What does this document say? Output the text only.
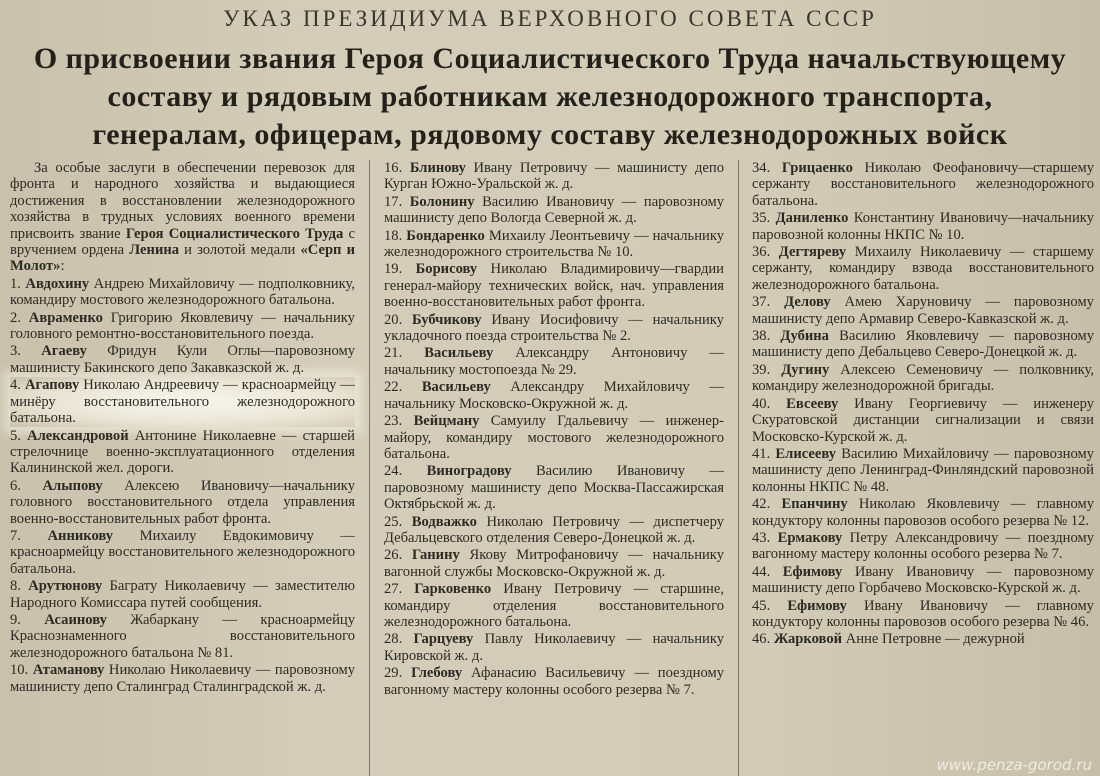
УКАЗ ПРЕЗИДИУМА ВЕРХОВНОГО СОВЕТА СССР
О присвоении звания Героя Социалистического Труда начальствующему
составу и рядовым работникам железнодорожного транспорта,
генералам, офицерам, рядовому составу железнодорожных войск
За особые заслуги в обеспечении перевозок для фронта и народного хозяйства и выдающиеся достижения в восстановлении железнодорожного хозяйства в трудных условиях военного времени присвоить звание Героя Социалистического Труда с вручением ордена Ленина и золотой медали «Серп и Молот»:
1. Авдохину Андрею Михайловичу — подполковнику, командиру мостового железнодорожного батальона.
2. Авраменко Григорию Яковлевичу — начальнику головного ремонтно-восстановительного поезда.
3. Агаеву Фридун Кули Оглы—паровозному машинисту Бакинского депо Закавказской ж. д.
4. Агапову Николаю Андреевичу — красноармейцу — минёру восстановительного железнодорожного батальона.
5. Александровой Антонине Николаевне — старшей стрелочнице военно-эксплуатационного отделения Калининской жел. дороги.
6. Алыпову Алексею Ивановичу—начальнику головного восстановительного отдела управления военно-восстановительных работ фронта.
7. Анникову Михаилу Евдокимовичу — красноармейцу восстановительного железнодорожного батальона.
8. Арутюнову Баграту Николаевичу — заместителю Народного Комиссара путей сообщения.
9. Асаинову Жабаркану — красноармейцу Краснознаменного восстановительного железнодорожного батальона № 81.
10. Атаманову Николаю Николаевичу — паровозному машинисту депо Сталинград Сталинградской ж. д.
16. Блинову Ивану Петровичу — машинисту депо Курган Южно-Уральской ж. д.
17. Болонину Василию Ивановичу — паровозному машинисту депо Вологда Северной ж. д.
18. Бондаренко Михаилу Леонтьевичу — начальнику железнодорожного строительства № 10.
19. Борисову Николаю Владимировичу—гвардии генерал-майору технических войск, нач. управления военно-восстановительных работ фронта.
20. Бубчикову Ивану Иосифовичу — начальнику укладочного поезда строительства № 2.
21. Васильеву Александру Антоновичу — начальнику мостопоезда № 29.
22. Васильеву Александру Михайловичу — начальнику Московско-Окружной ж. д.
23. Вейцману Самуилу Гдальевичу — инженер-майору, командиру мостового железнодорожного батальона.
24. Виноградову Василию Ивановичу — паровозному машинисту депо Москва-Пассажирская Октябрьской ж. д.
25. Водважко Николаю Петровичу — диспетчеру Дебальцевского отделения Северо-Донецкой ж. д.
26. Ганину Якову Митрофановичу — начальнику вагонной службы Московско-Окружной ж. д.
27. Гарковенко Ивану Петровичу — старшине, командиру отделения восстановительного железнодорожного батальона.
28. Гарцуеву Павлу Николаевичу — начальнику Кировской ж. д.
29. Глебову Афанасию Васильевичу — поездному вагонному мастеру колонны особого резерва № 7.
34. Грицаенко Николаю Феофановичу—старшему сержанту восстановительного железнодорожного батальона.
35. Даниленко Константину Ивановичу—начальнику паровозной колонны НКПС № 10.
36. Дегтяреву Михаилу Николаевичу — старшему сержанту, командиру взвода восстановительного железнодорожного батальона.
37. Делову Амею Харуновичу — паровозному машинисту депо Армавир Северо-Кавказской ж. д.
38. Дубина Василию Яковлевичу — паровозному машинисту депо Дебальцево Северо-Донецкой ж. д.
39. Дугину Алексею Семеновичу — полковнику, командиру железнодорожной бригады.
40. Евсееву Ивану Георгиевичу — инженеру Скуратовской дистанции сигнализации и связи Московско-Курской ж. д.
41. Елисееву Василию Михайловичу — паровозному машинисту депо Ленинград-Финляндский паровозной колонны НКПС № 48.
42. Епанчину Николаю Яковлевичу — главному кондуктору колонны паровозов особого резерва № 12.
43. Ермакову Петру Александровичу — поездному вагонному мастеру колонны особого резерва № 7.
44. Ефимову Ивану Ивановичу — паровозному машинисту депо Горбачево Московско-Курской ж. д.
45. Ефимову Ивану Ивановичу — главному кондуктору колонны паровозов особого резерва № 46.
46. Жарковой Анне Петровне — дежурной
www.penza-gorod.ru
